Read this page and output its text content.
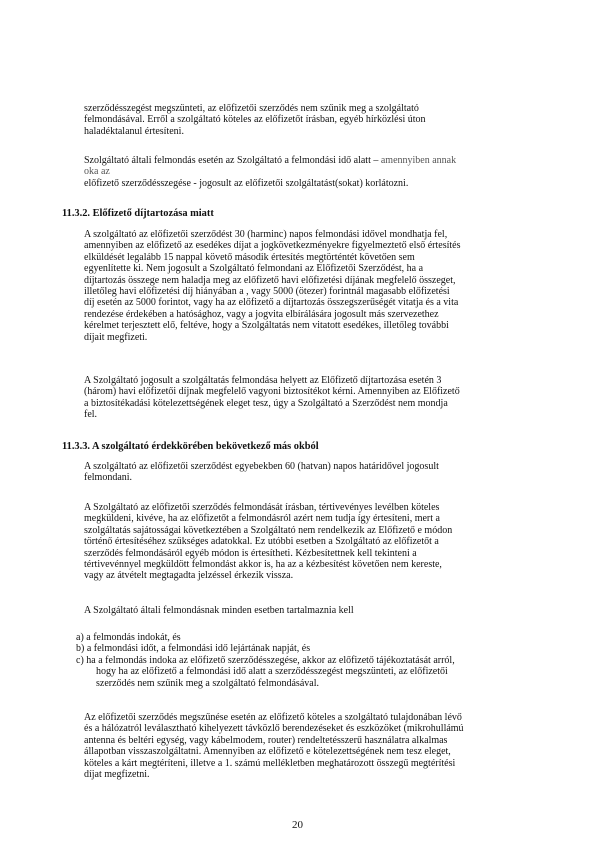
szerződésszegést megszünteti, az előfizetői szerződés nem szűnik meg a szolgáltató
felmondásával. Erről a szolgáltató köteles az előfizetőt írásban, egyéb hírközlési úton
haladéktalanul értesíteni.
Szolgáltató általi felmondás esetén az Szolgáltató a felmondási idő alatt – amennyiben annak
oka az
előfizető szerződésszegése - jogosult az előfizetői szolgáltatást(sokat) korlátozni.
11.3.2. Előfizető díjtartozása miatt
A szolgáltató az előfizetői szerződést 30 (harminc) napos felmondási idővel mondhatja fel,
amennyiben az előfizető az esedékes díjat a jogkövetkezményekre figyelmeztető első értesítés
elküldését legalább 15 nappal követő második értesítés megtörténtét követően sem
egyenlítette ki. Nem jogosult a Szolgáltató felmondani az Előfizetői Szerződést, ha a
díjtartozás összege nem haladja meg az előfizető havi előfizetési díjának megfelelő összeget,
illetőleg havi előfizetési díj hiányában a , vagy 5000 (ötezer) forintnál magasabb előfizetési
díj esetén az 5000 forintot, vagy ha az előfizető a díjtartozás összegszerűségét vitatja és a vita
rendezése érdekében a hatósághoz, vagy a jogvita elbírálására jogosult más szervezethez
kérelmet terjesztett elő, feltéve, hogy a Szolgáltatás nem vitatott esedékes, illetőleg további
díjait megfizeti.
A Szolgáltató jogosult a szolgáltatás felmondása helyett az Előfizető díjtartozása esetén 3
(három) havi előfizetői díjnak megfelelő vagyoni biztosítékot kérni. Amennyiben az Előfizető
a biztosítékadási kötelezettségének eleget tesz, úgy a Szolgáltató a Szerződést nem mondja
fel.
11.3.3. A szolgáltató érdekkörében bekövetkező más okból
A szolgáltató az előfizetői szerződést egyebekben 60 (hatvan) napos határidővel jogosult
felmondani.
A Szolgáltató az előfizetői szerződés felmondását írásban, tértivevényes levélben köteles
megküldeni, kivéve, ha az előfizetőt a felmondásról azért nem tudja így értesíteni, mert a
szolgáltatás sajátosságai következtében a Szolgáltató nem rendelkezik az Előfizető e módon
történő értesítéséhez szükséges adatokkal. Ez utóbbi esetben a Szolgáltató az előfizetőt a
szerződés felmondásáról egyéb módon is értesítheti. Kézbesítettnek kell tekinteni a
tértivevénnyel megküldött felmondást akkor is, ha az a kézbesítést követően nem kereste,
vagy az átvételt megtagadta jelzéssel érkezik vissza.
A Szolgáltató általi felmondásnak minden esetben tartalmaznia kell
a) a felmondás indokát, és
b) a felmondási időt, a felmondási idő lejártának napját, és
c) ha a felmondás indoka az előfizető szerződésszegése, akkor az előfizető tájékoztatását arról,
hogy ha az előfizető a felmondási idő alatt a szerződésszegést megszünteti, az előfizetői
szerződés nem szűnik meg a szolgáltató felmondásával.
Az előfizetői szerződés megszűnése esetén az előfizető köteles a szolgáltató tulajdonában lévő
és a hálózatról leválasztható kihelyezett távközlő berendezéseket és eszközöket (mikrohullámú
antenna és beltéri egység, vagy kábelmodem, router) rendeltetésszerű használatra alkalmas
állapotban visszaszolgáltatni. Amennyiben az előfizető e kötelezettségének nem tesz eleget,
köteles a kárt megtéríteni, illetve a 1. számú mellékletben meghatározott összegű megtérítési
díjat megfizetni.
20
